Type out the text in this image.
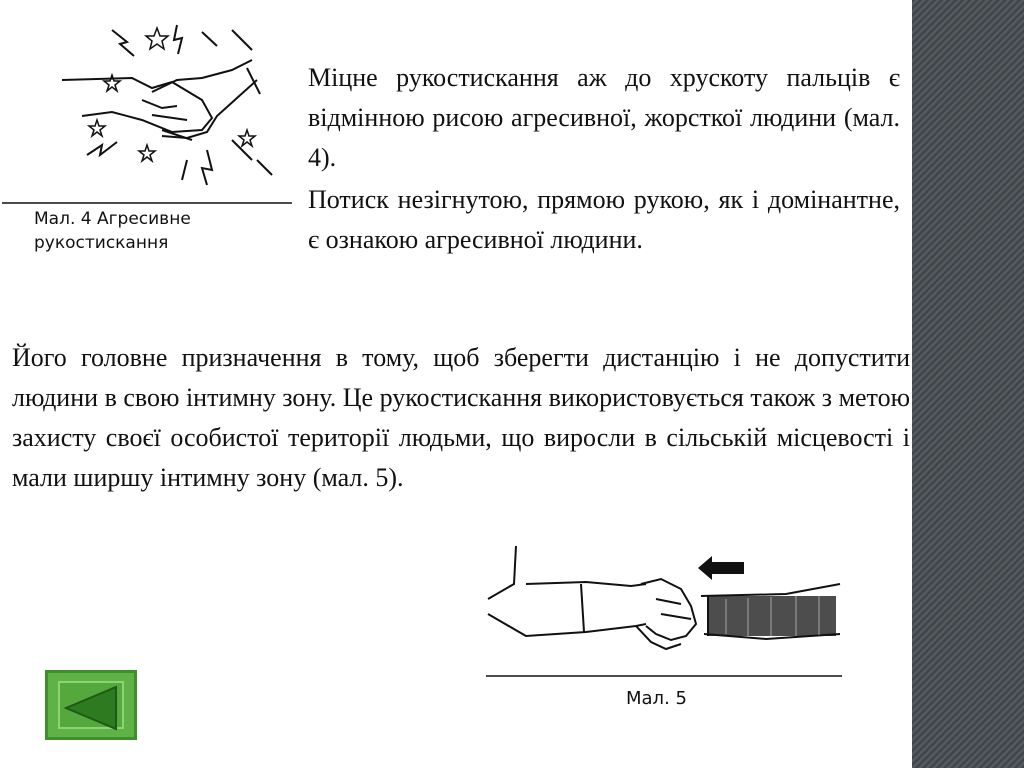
Мал. 4 Агресивне рукостискання

Міцне рукостискання аж до хрускоту пальців є відмінною рисою агресивної, жорсткої людини (мал. 4).

Потиск незігнутою, прямою рукою, як і домінантне, є ознакою агресивної людини.

Його головне призначення в тому, щоб зберегти дистанцію і не допустити людини в свою інтимну зону. Це рукостискання використовується також з метою захисту своєї особистої території людьми, що виросли в сільській місцевості і мали ширшу інтимну зону (мал. 5).

Мал. 5
